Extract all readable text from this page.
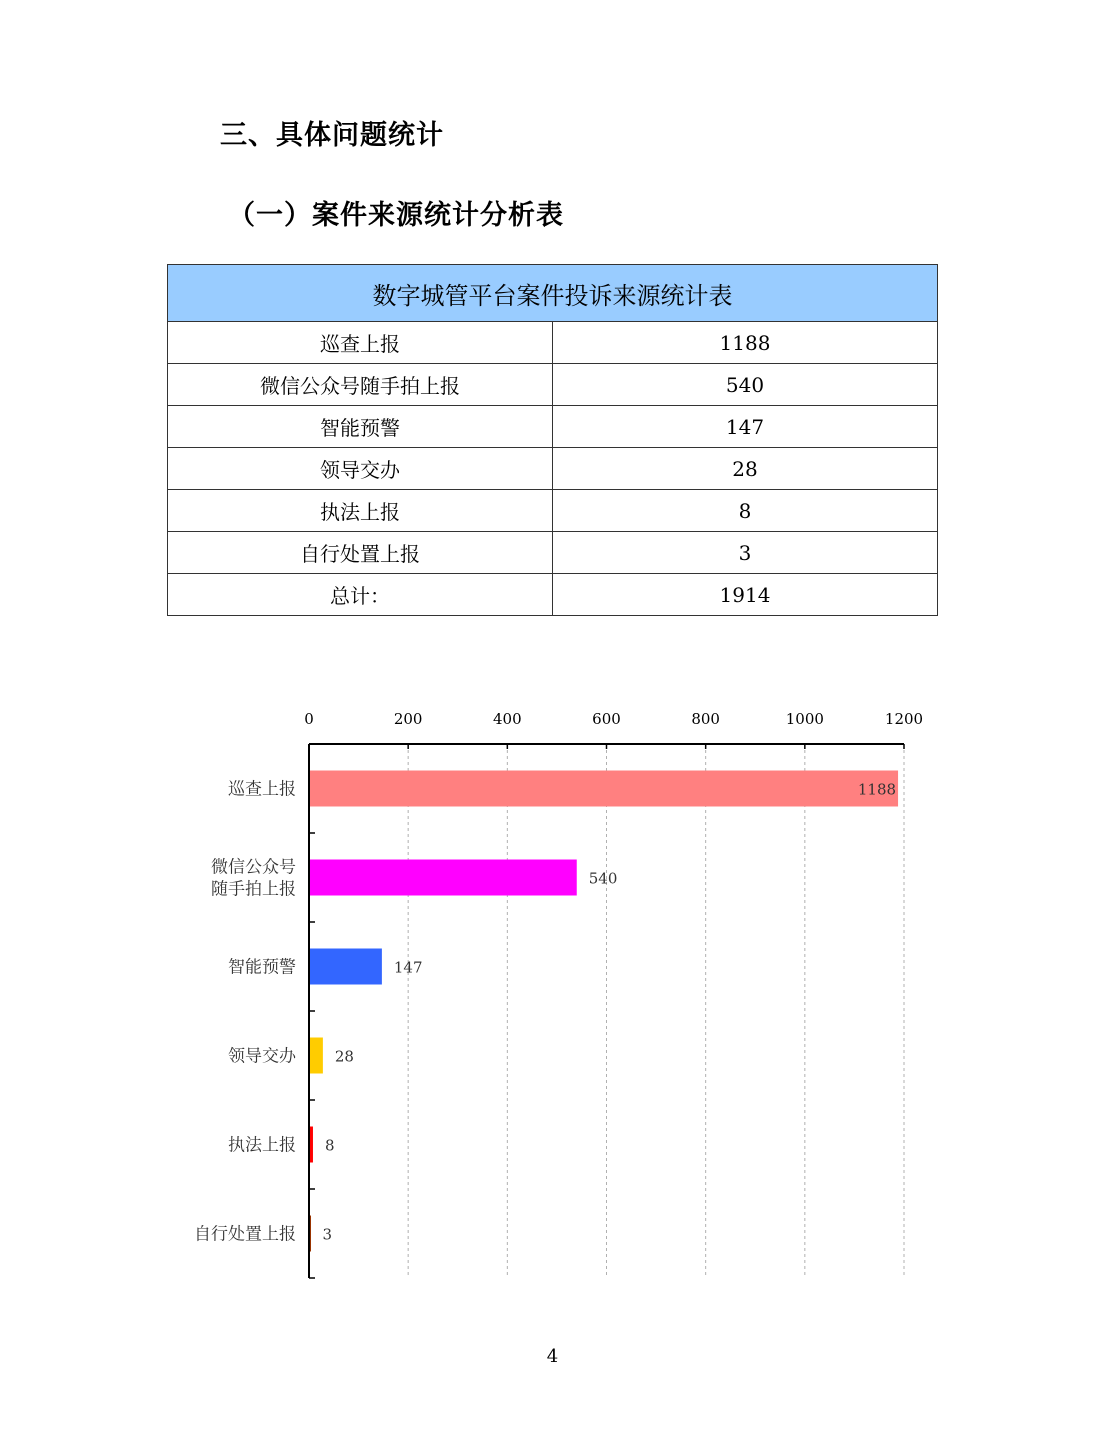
三、具体问题统计
（一）案件来源统计分析表
数字城管平台案件投诉来源统计表	
巡查上报	1188
微信公众号随手拍上报	540
智能预警	147
领导交办	28
执法上报	8
自行处置上报	3
总计：	1914
0	200	400	600	800	1000	1200
1188
巡查上报
540
微信公众号
随手拍上报
147
智能预警
28
领导交办
8
执法上报
3
自行处置上报
4
